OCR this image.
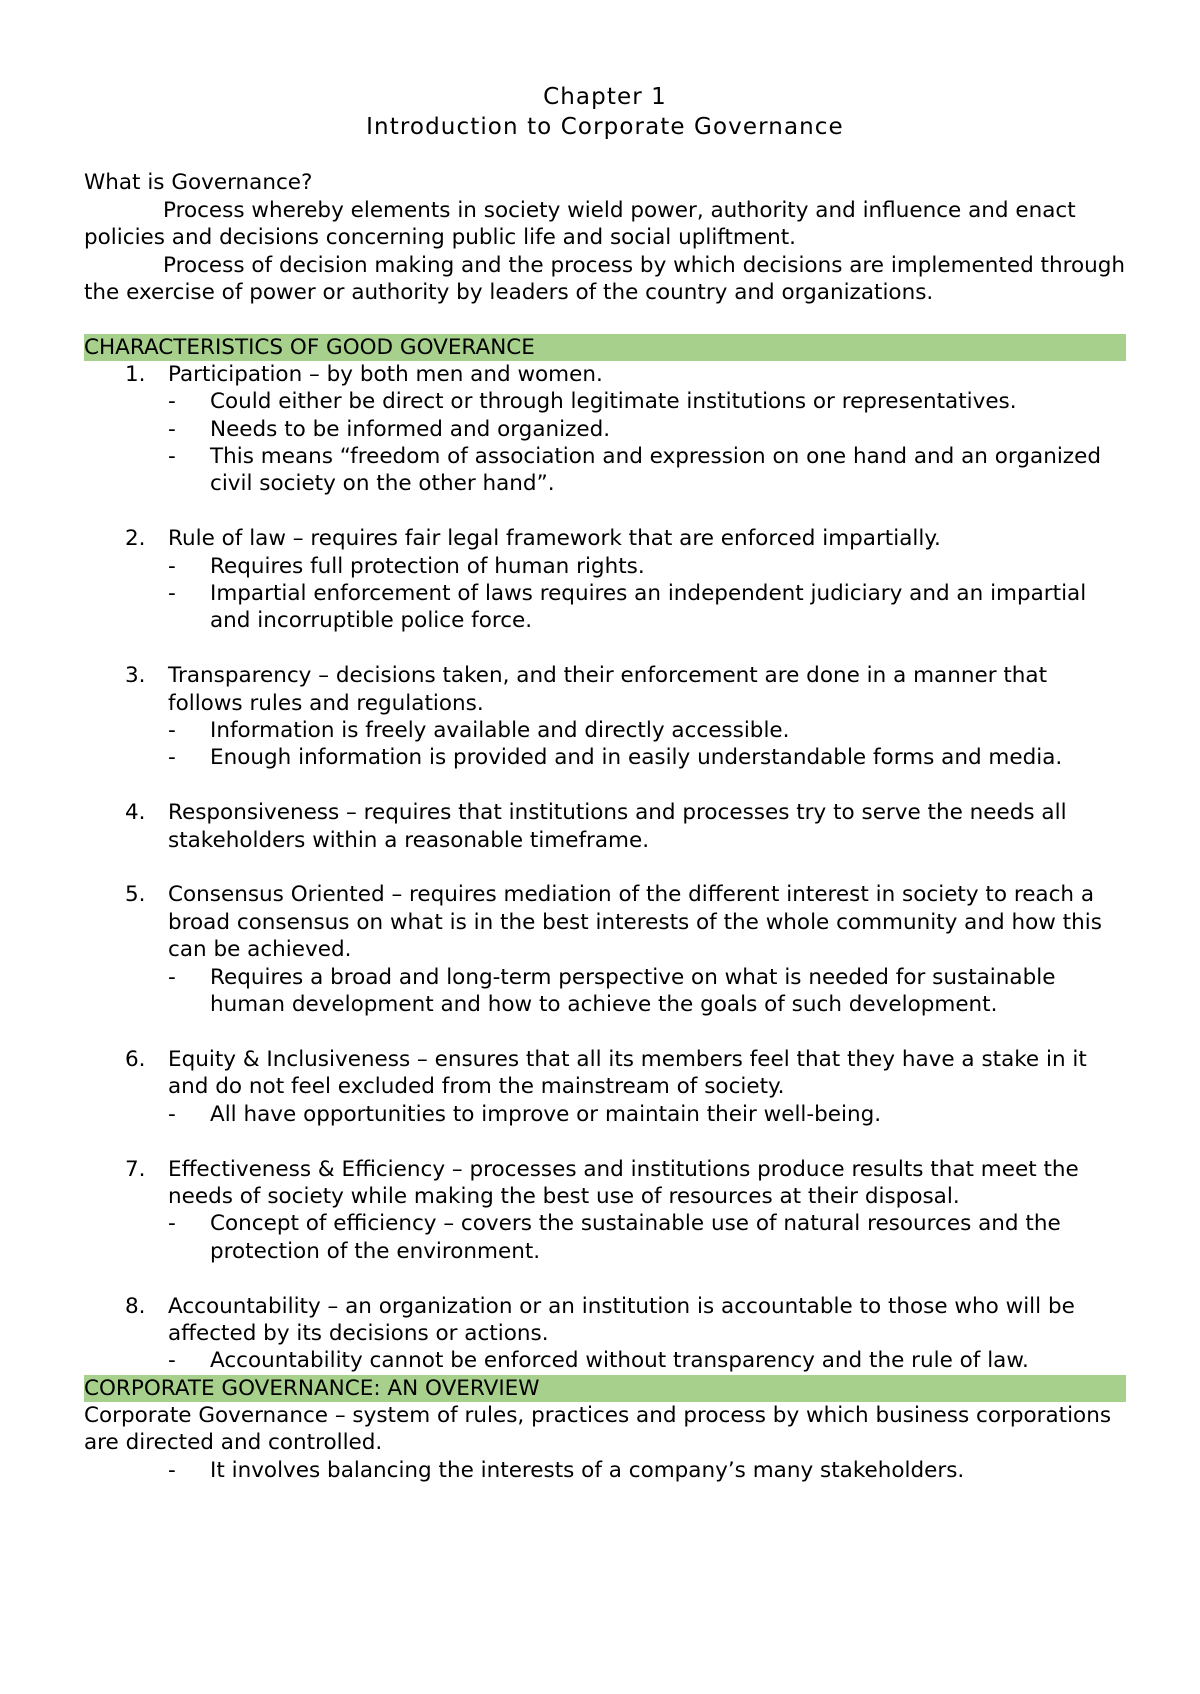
Chapter 1

Introduction to Corporate Governance

What is Governance?

Process whereby elements in society wield power, authority and influence and enact policies and decisions concerning public life and social upliftment.

Process of decision making and the process by which decisions are implemented through the exercise of power or authority by leaders of the country and organizations.

CHARACTERISTICS OF GOOD GOVERANCE

1. Participation – by both men and women.
- Could either be direct or through legitimate institutions or representatives.
- Needs to be informed and organized.
- This means “freedom of association and expression on one hand and an organized civil society on the other hand”.
2. Rule of law – requires fair legal framework that are enforced impartially.
- Requires full protection of human rights.
- Impartial enforcement of laws requires an independent judiciary and an impartial and incorruptible police force.
3. Transparency – decisions taken, and their enforcement are done in a manner that follows rules and regulations.
- Information is freely available and directly accessible.
- Enough information is provided and in easily understandable forms and media.
4. Responsiveness – requires that institutions and processes try to serve the needs all stakeholders within a reasonable timeframe.
5. Consensus Oriented – requires mediation of the different interest in society to reach a broad consensus on what is in the best interests of the whole community and how this can be achieved.
- Requires a broad and long-term perspective on what is needed for sustainable human development and how to achieve the goals of such development.
6. Equity & Inclusiveness – ensures that all its members feel that they have a stake in it and do not feel excluded from the mainstream of society.
- All have opportunities to improve or maintain their well-being.
7. Effectiveness & Efficiency – processes and institutions produce results that meet the needs of society while making the best use of resources at their disposal.
- Concept of efficiency – covers the sustainable use of natural resources and the protection of the environment.
8. Accountability – an organization or an institution is accountable to those who will be affected by its decisions or actions.
- Accountability cannot be enforced without transparency and the rule of law.

CORPORATE GOVERNANCE: AN OVERVIEW

Corporate Governance – system of rules, practices and process by which business corporations are directed and controlled.

- It involves balancing the interests of a company’s many stakeholders.
